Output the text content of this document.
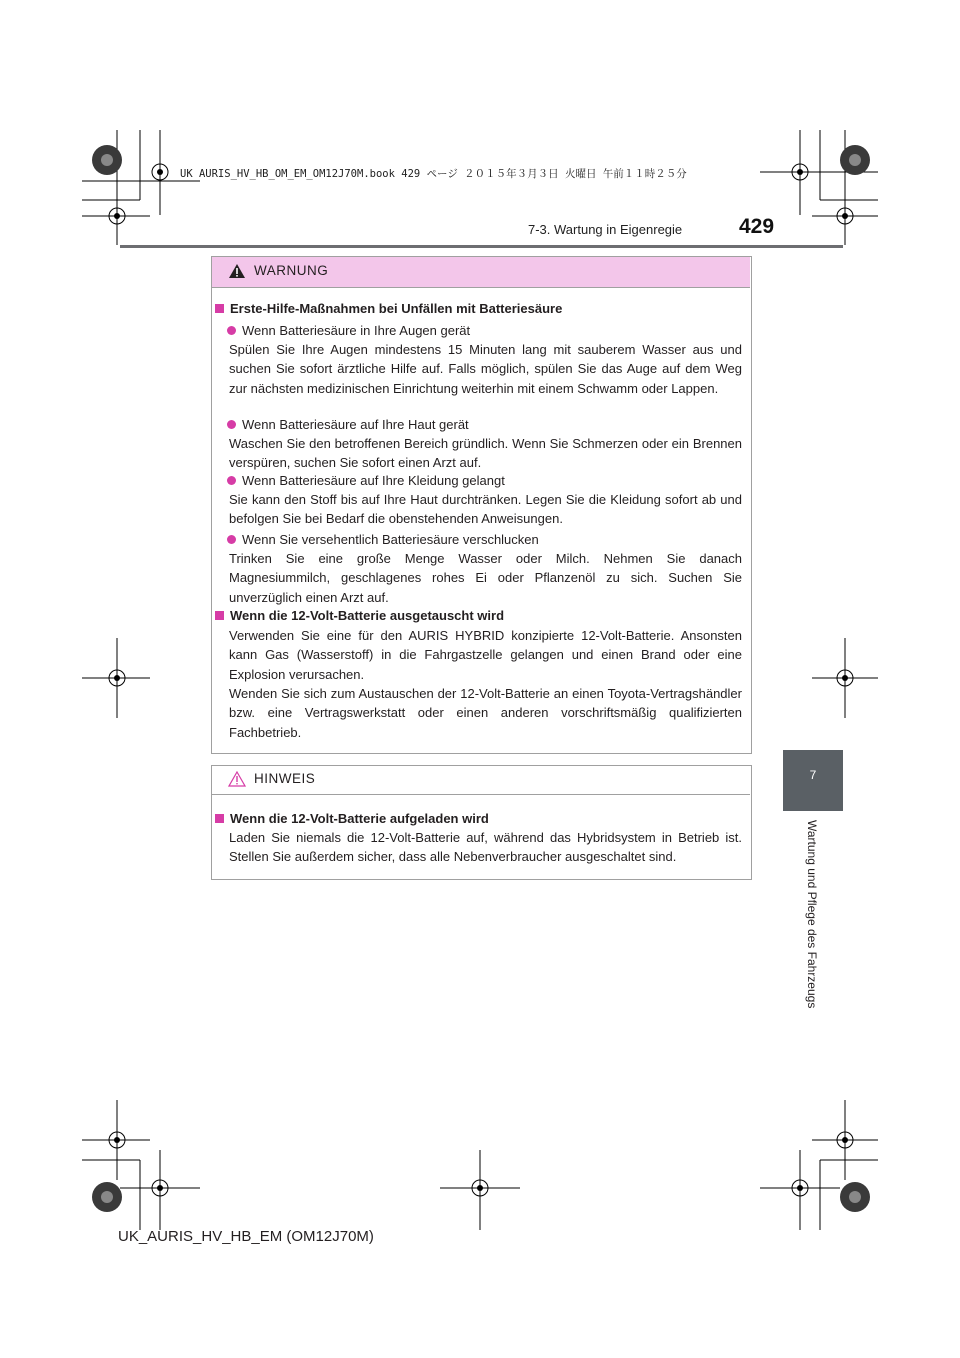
UK AURIS_HV_HB_OM_EM_OM12J70M.book 429 ページ ２０１５年３月３日 火曜日 午前１１時２５分
7-3. Wartung in Eigenregie	429
7
Wartung und Pflege des Fahrzeugs
WARNUNG
Erste-Hilfe-Maßnahmen bei Unfällen mit Batteriesäure
Wenn Batteriesäure in Ihre Augen gerät
Spülen Sie Ihre Augen mindestens 15 Minuten lang mit sauberem Wasser aus und suchen Sie sofort ärztliche Hilfe auf. Falls möglich, spülen Sie das Auge auf dem Weg zur nächsten medizinischen Einrichtung weiterhin mit einem Schwamm oder Lappen.
Wenn Batteriesäure auf Ihre Haut gerät
Waschen Sie den betroffenen Bereich gründlich. Wenn Sie Schmerzen oder ein Brennen verspüren, suchen Sie sofort einen Arzt auf.
Wenn Batteriesäure auf Ihre Kleidung gelangt
Sie kann den Stoff bis auf Ihre Haut durchtränken. Legen Sie die Kleidung sofort ab und befolgen Sie bei Bedarf die obenstehenden Anweisungen.
Wenn Sie versehentlich Batteriesäure verschlucken
Trinken Sie eine große Menge Wasser oder Milch. Nehmen Sie danach Magnesiummilch, geschlagenes rohes Ei oder Pflanzenöl zu sich. Suchen Sie unverzüglich einen Arzt auf.
Wenn die 12-Volt-Batterie ausgetauscht wird
Verwenden Sie eine für den AURIS HYBRID konzipierte 12-Volt-Batterie. Ansonsten kann Gas (Wasserstoff) in die Fahrgastzelle gelangen und einen Brand oder eine Explosion verursachen.
Wenden Sie sich zum Austauschen der 12-Volt-Batterie an einen Toyota-Vertragshändler bzw. eine Vertragswerkstatt oder einen anderen vorschriftsmäßig qualifizierten Fachbetrieb.
HINWEIS
Wenn die 12-Volt-Batterie aufgeladen wird
Laden Sie niemals die 12-Volt-Batterie auf, während das Hybridsystem in Betrieb ist. Stellen Sie außerdem sicher, dass alle Nebenverbraucher ausgeschaltet sind.
UK_AURIS_HV_HB_EM (OM12J70M)
